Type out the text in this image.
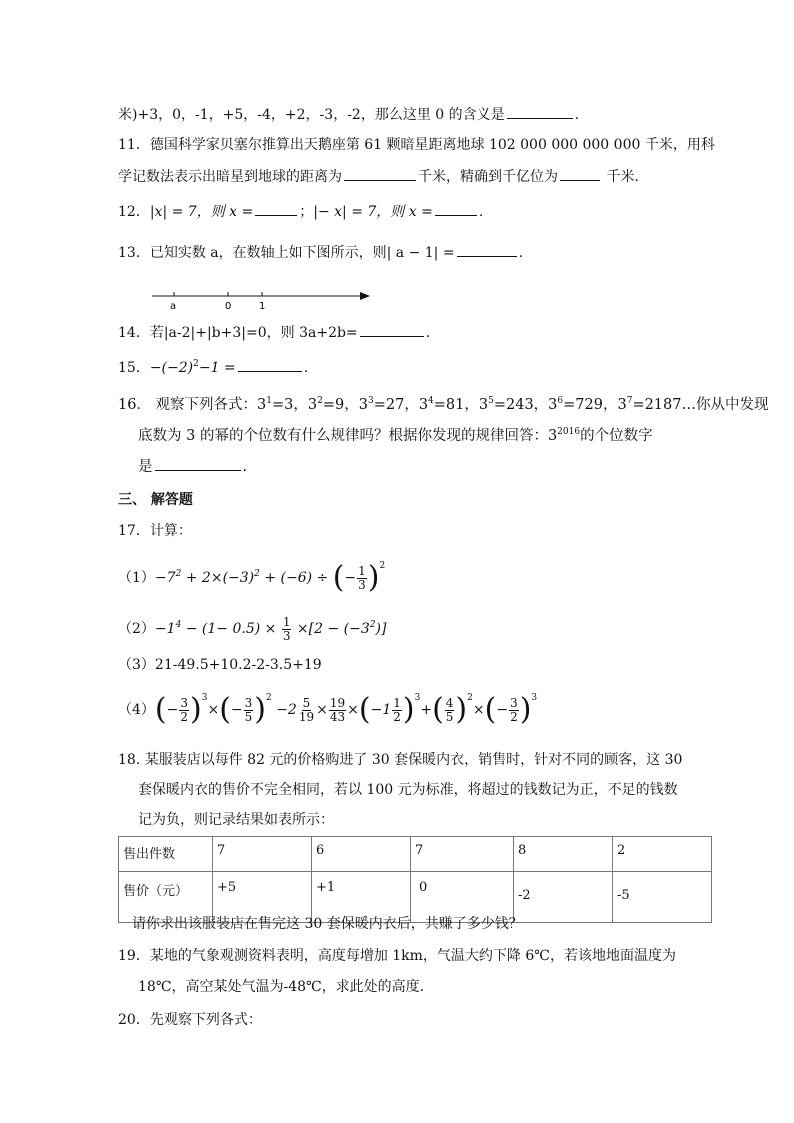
米)+3，0，-1，+5，-4，+2，-3，-2，那么这里 0 的含义是	.
11．德国科学家贝塞尔推算出天鹅座第 61 颗暗星距离地球 102 000 000 000 000 千米，用科
学记数法表示出暗星到地球的距离为	千米，精确到千亿位为	千米．
12．|x| = 7，则 x =	；|− x| = 7，则 x =	.
13．已知实数 a，在数轴上如下图所示，则| a − 1| =	.
a	0	1
14．若|a-2|+|b+3|=0，则 3a+2b=	.
15．$-(-2)^2-1$ =	.
16． 观察下列各式：$3^1=3$，$3^2=9$，$3^3=27$，$3^4=81$，$3^5=243$，$3^6=729$，$3^7=2187\dots$你从中发现
底数为 3 的幂的个位数有什么规律吗？根据你发现的规律回答：$3^{2016}$的个位数字
是	.
三、 解答题
17．计算：
$(1)-7^2 + 2\times(-3)^2 + (-6)$ ÷ (− $\frac{1}{3} )^2$
$(2)-1^4 - (1- 0.5) \times \frac{1}{3} \times[2 - (-3^2)]$
（3）21-49.5+10.2-2-3.5+19
$(4)(- \frac{3}{2} )^3\times(- \frac{3}{5} )^2 -2 \frac{5}{19} \times \frac{19}{43} \times(-1 \frac{1}{2} )^3+( \frac{4}{5} )^2\times(- \frac{3}{2} )^3$
18. 某服装店以每件 82 元的价格购进了 30 套保暖内衣，销售时，针对不同的顾客，这 30
套保暖内衣的售价不完全相同，若以 100 元为标准，将超过的钱数记为正，不足的钱数
记为负，则记录结果如表所示：
售出件数	7	6	7	8	2
售价（元）	+5	+1	0	-2	-5
请你求出该服装店在售完这 30 套保暖内衣后，共赚了多少钱？
19．某地的气象观测资料表明，高度每增加 1km，气温大约下降 6℃，若该地地面温度为
18℃，高空某处气温为-48℃，求此处的高度.
20．先观察下列各式：
